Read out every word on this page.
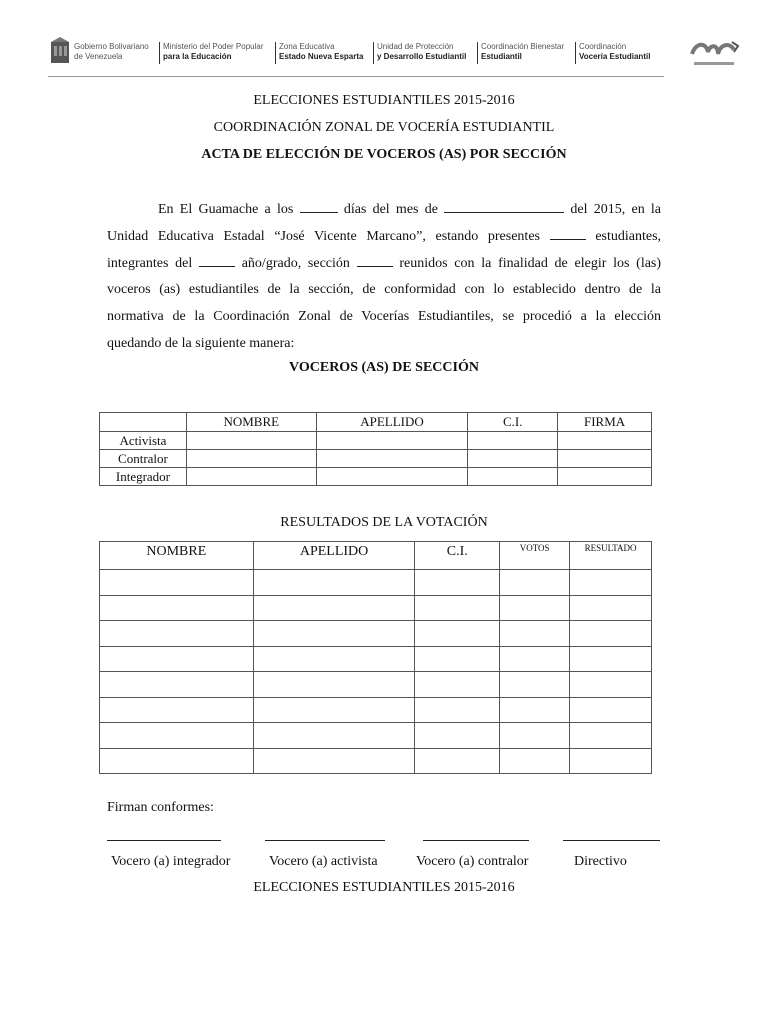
Gobierno Bolivariano
de Venezuela
Ministerio del Poder Popular
para la Educación
Zona Educativa
Estado Nueva Esparta
Unidad de Protección
y Desarrollo Estudiantil
Coordinación Bienestar
Estudiantil
Coordinación
Vocería Estudiantil
ELECCIONES ESTUDIANTILES 2015-2016
COORDINACIÓN ZONAL DE VOCERÍA ESTUDIANTIL
ACTA DE ELECCIÓN DE VOCEROS (AS) POR SECCIÓN
En El Guamache a los	días del mes de	del 2015, en la
Unidad Educativa Estadal “José Vicente Marcano”, estando presentes	estudiantes,
integrantes del	año/grado, sección	reunidos con la finalidad de elegir los (las)
voceros (as) estudiantiles de la sección, de conformidad con lo establecido dentro de la
normativa de la Coordinación Zonal de Vocerías Estudiantiles, se procedió a la elección
quedando de la siguiente manera:
VOCEROS (AS) DE SECCIÓN
	NOMBRE	APELLIDO	C.I.	FIRMA
Activista				
Contralor				
Integrador				
RESULTADOS DE LA VOTACIÓN
NOMBRE	APELLIDO	C.I.	VOTOS	RESULTADO

Firman conformes:
Vocero (a) integrador	Vocero (a) activista	Vocero (a) contralor	Directivo
ELECCIONES ESTUDIANTILES 2015-2016
